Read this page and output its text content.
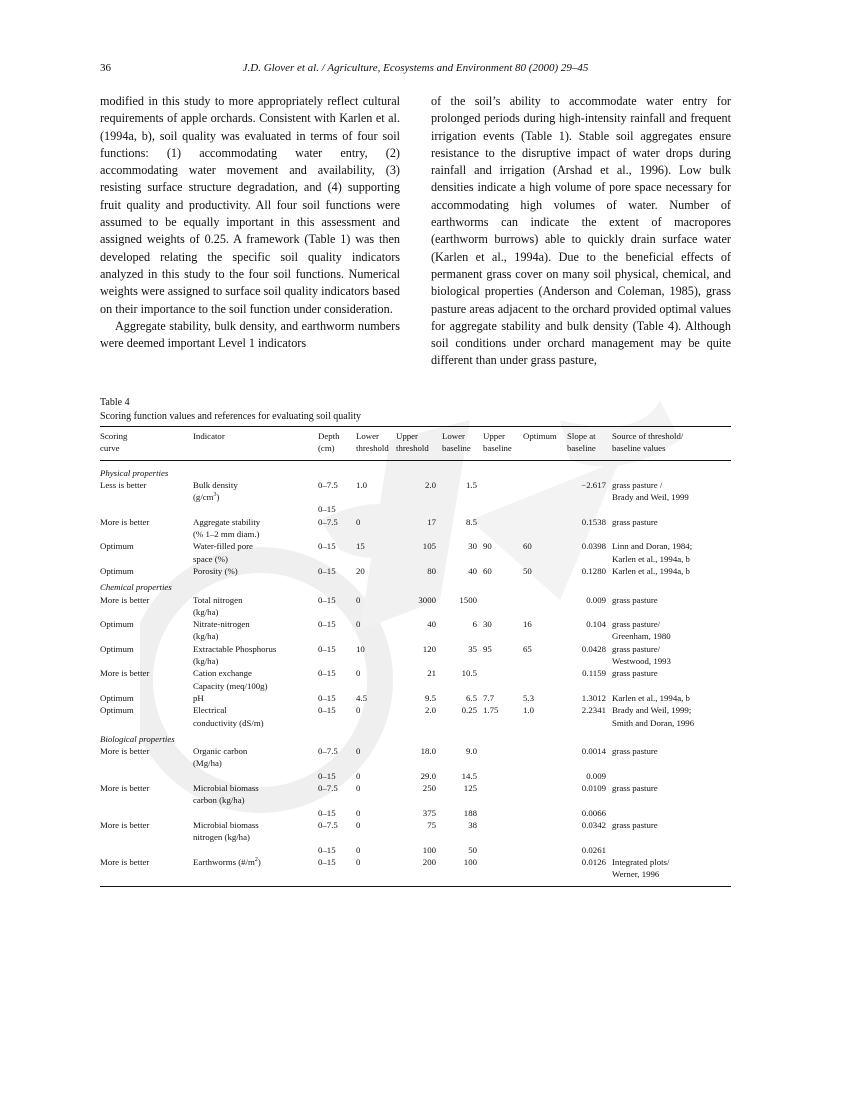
36	J.D. Glover et al. / Agriculture, Ecosystems and Environment 80 (2000) 29–45

modified in this study to more appropriately reflect cultural requirements of apple orchards. Consistent with Karlen et al. (1994a, b), soil quality was evaluated in terms of four soil functions: (1) accommodating water entry, (2) accommodating water movement and availability, (3) resisting surface structure degradation, and (4) supporting fruit quality and productivity. All four soil functions were assumed to be equally important in this assessment and assigned weights of 0.25. A framework (Table 1) was then developed relating the specific soil quality indicators analyzed in this study to the four soil functions. Numerical weights were assigned to surface soil quality indicators based on their importance to the soil function under consideration.

Aggregate stability, bulk density, and earthworm numbers were deemed important Level 1 indicators

of the soil’s ability to accommodate water entry for prolonged periods during high-intensity rainfall and frequent irrigation events (Table 1). Stable soil aggregates ensure resistance to the disruptive impact of water drops during rainfall and irrigation (Arshad et al., 1996). Low bulk densities indicate a high volume of pore space necessary for accommodating high volumes of water. Number of earthworms can indicate the extent of macropores (earthworm burrows) able to quickly drain surface water (Karlen et al., 1994a). Due to the beneficial effects of permanent grass cover on many soil physical, chemical, and biological properties (Anderson and Coleman, 1985), grass pasture areas adjacent to the orchard provided optimal values for aggregate stability and bulk density (Table 4). Although soil conditions under orchard management may be quite different than under grass pasture,

Table 4
Scoring function values and references for evaluating soil quality
Scoring
curve	Indicator	Depth
(cm)	Lower
threshold	Upper
threshold	Lower
baseline	Upper
baseline	Optimum	Slope at
baseline	Source of threshold/
baseline values

Physical properties									
Less is better	Bulk density
$(g/cm^3)$	0–7.5	1.0	2.0	1.5			−2.617	grass pasture /
Brady and Weil, 1999
		0–15							
More is better	Aggregate stability
(% 1–2 mm diam.)	0–7.5	0	17	8.5			0.1538	grass pasture
Optimum	Water-filled pore
space (%)	0–15	15	105	30	90	60	0.0398	Linn and Doran, 1984;
Karlen et al., 1994a, b
Optimum	Porosity (%)	0–15	20	80	40	60	50	0.1280	Karlen et al., 1994a, b
Chemical properties									
More is better	Total nitrogen
(kg/ha)	0–15	0	3000	1500			0.009	grass pasture
Optimum	Nitrate-nitrogen
(kg/ha)	0–15	0	40	6	30	16	0.104	grass pasture/
Greenham, 1980
Optimum	Extractable Phosphorus
(kg/ha)	0–15	10	120	35	95	65	0.0428	grass pasture/
Westwood, 1993
More is better	Cation exchange
Capacity (meq/100g)	0–15	0	21	10.5			0.1159	grass pasture
Optimum	pH	0–15	4.5	9.5	6.5	7.7	5.3	1.3012	Karlen et al., 1994a, b
Optimum	Electrical
conductivity (dS/m)	0–15	0	2.0	0.25	1.75	1.0	2.2341	Brady and Weil, 1999;
Smith and Doran, 1996
Biological properties									
More is better	Organic carbon
(Mg/ha)	0–7.5	0	18.0	9.0			0.0014	grass pasture
		0–15	0	29.0	14.5			0.009	
More is better	Microbial biomass
carbon (kg/ha)	0–7.5	0	250	125			0.0109	grass pasture
		0–15	0	375	188			0.0066	
More is better	Microbial biomass
nitrogen (kg/ha)	0–7.5	0	75	38			0.0342	grass pasture
		0–15	0	100	50			0.0261	
More is better	Earthworms $(\#/m^2)$	0–15	0	200	100			0.0126	Integrated plots/
Werner, 1996
